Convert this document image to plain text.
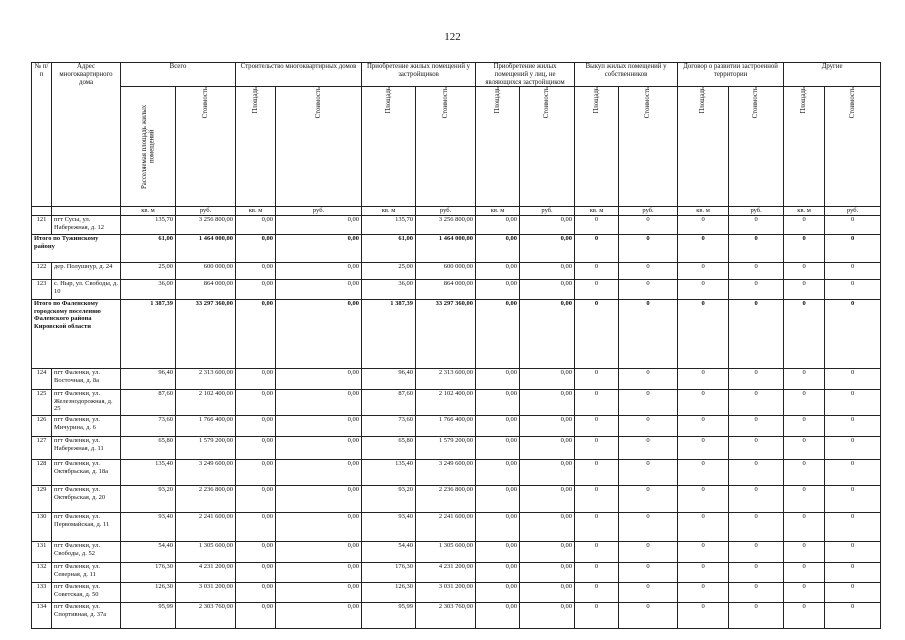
122
№ п/п	Адрес многоквартирного дома	Всего		Строительство многоквартирных домов		Приобретение жилых помещений у застройщиков		Приобретение жилых помещений у лиц, не являющихся застройщиком		Выкуп жилых помещений у собственников		Договор о развитии застроенной территории		Другие	

		Расселяемая площадь жилых помещений	Стоимость	Площадь	Стоимость	Площадь	Стоимость	Площадь	Стоимость	Площадь	Стоимость	Площадь	Стоимость	Площадь	Стоимость

		кв. м	руб.	кв. м	руб.	кв. м	руб.	кв. м	руб.	кв. м	руб.	кв. м	руб.	кв. м	руб.
121	пгт Сусы, ул. Набережная, д. 12	135,70	3 256 800,00	0,00	0,00	135,70	3 256 800,00	0,00	0,00	0	0	0	0	0	0
Итого по Тужинскому району		61,00	1 464 000,00	0,00	0,00	61,00	1 464 000,00	0,00	0,00	0	0	0	0	0	0
122	дер. Полушнур, д. 24	25,00	600 000,00	0,00	0,00	25,00	600 000,00	0,00	0,00	0	0	0	0	0	0
123	с. Ныр, ул. Свободы, д. 10	36,00	864 000,00	0,00	0,00	36,00	864 000,00	0,00	0,00	0	0	0	0	0	0
Итого по Фаленскому городскому поселению Фаленского района Кировской области		1 387,39	33 297 360,00	0,00	0,00	1 387,39	33 297 360,00	0,00	0,00	0	0	0	0	0	0
124	пгт Фаленки, ул. Восточная, д. 8а	96,40	2 313 600,00	0,00	0,00	96,40	2 313 600,00	0,00	0,00	0	0	0	0	0	0
125	пгт Фаленки, ул. Железнодорожная, д. 25	87,60	2 102 400,00	0,00	0,00	87,60	2 102 400,00	0,00	0,00	0	0	0	0	0	0
126	пгт Фаленки, ул. Мичурина, д. 6	73,60	1 766 400,00	0,00	0,00	73,60	1 766 400,00	0,00	0,00	0	0	0	0	0	0
127	пгт Фаленки, ул. Набережная, д. 11	65,80	1 579 200,00	0,00	0,00	65,80	1 579 200,00	0,00	0,00	0	0	0	0	0	0
128	пгт Фаленки, ул. Октябрьская, д. 18а	135,40	3 249 600,00	0,00	0,00	135,40	3 249 600,00	0,00	0,00	0	0	0	0	0	0
129	пгт Фаленки, ул. Октябрьская, д. 20	93,20	2 236 800,00	0,00	0,00	93,20	2 236 800,00	0,00	0,00	0	0	0	0	0	0
130	пгт Фаленки, ул. Первомайская, д. 11	93,40	2 241 600,00	0,00	0,00	93,40	2 241 600,00	0,00	0,00	0	0	0	0	0	0
131	пгт Фаленки, ул. Свободы, д. 52	54,40	1 305 600,00	0,00	0,00	54,40	1 305 600,00	0,00	0,00	0	0	0	0	0	0
132	пгт Фаленки, ул. Северная, д. 11	176,30	4 231 200,00	0,00	0,00	176,30	4 231 200,00	0,00	0,00	0	0	0	0	0	0
133	пгт Фаленки, ул. Советская, д. 50	126,30	3 031 200,00	0,00	0,00	126,30	3 031 200,00	0,00	0,00	0	0	0	0	0	0
134	пгт Фаленки, ул. Спортивная, д. 37а	95,99	2 303 760,00	0,00	0,00	95,99	2 303 760,00	0,00	0,00	0	0	0	0	0	0
